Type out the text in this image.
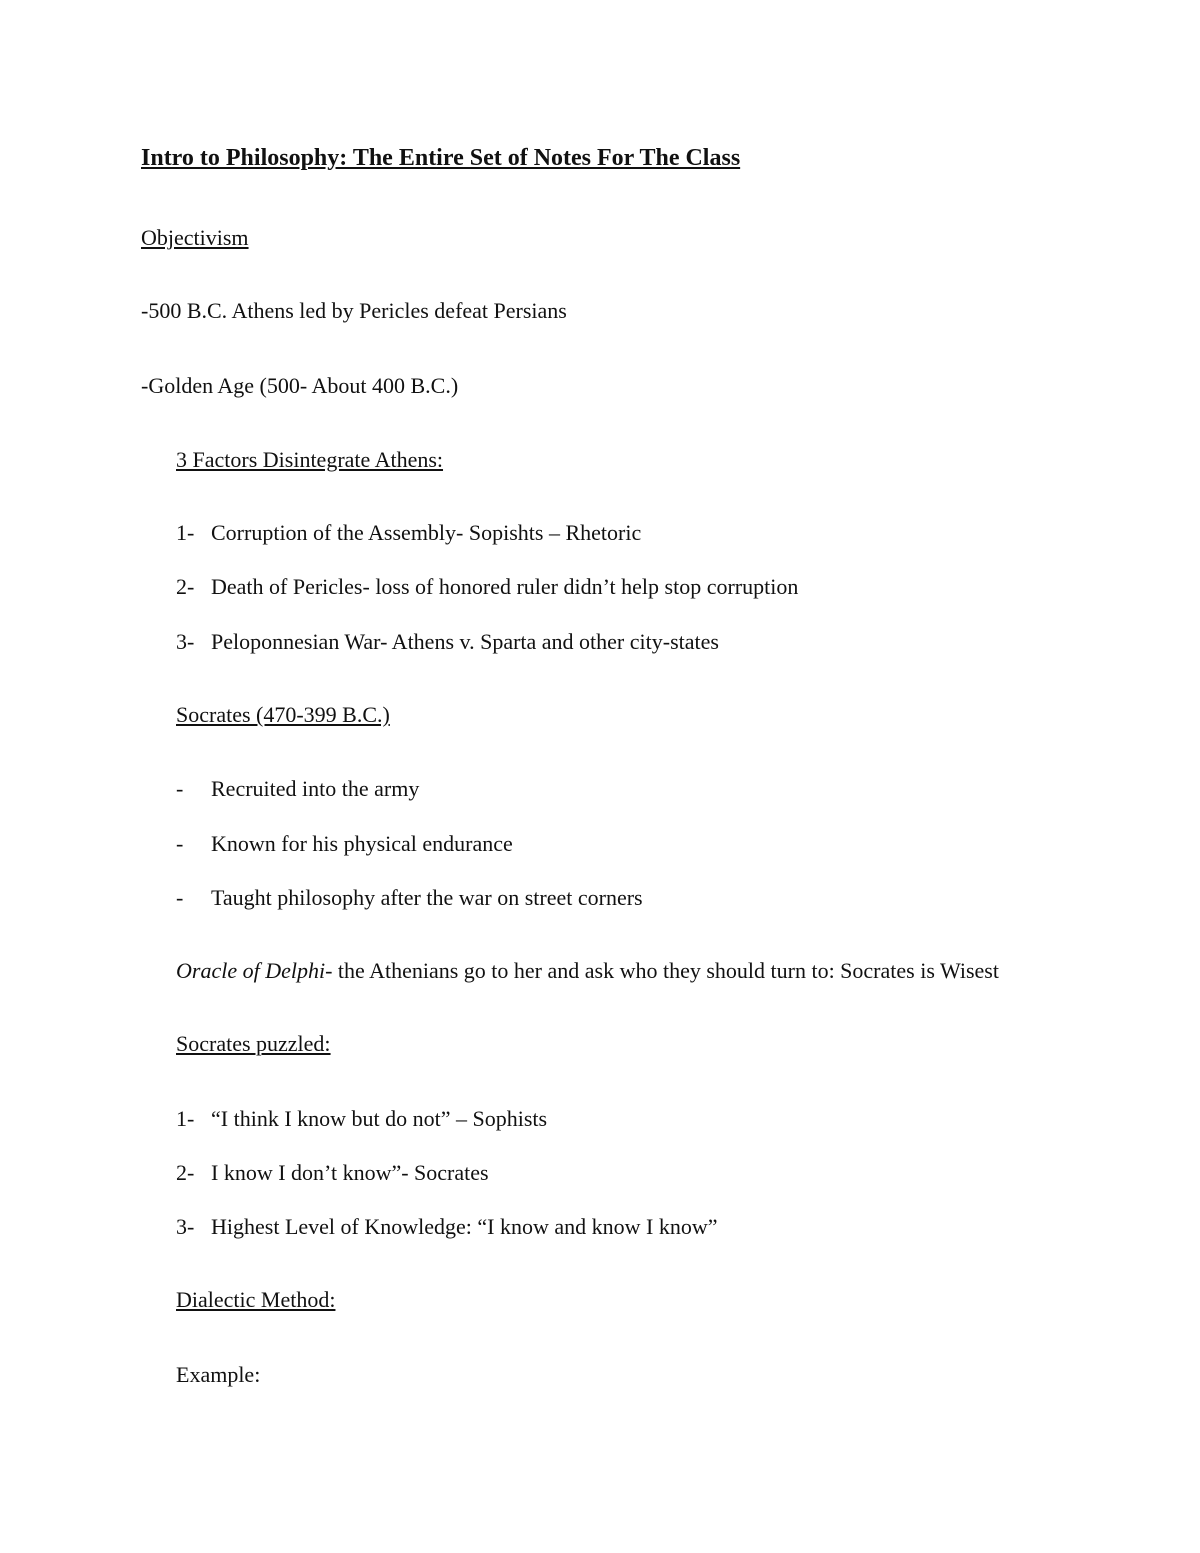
Intro to Philosophy: The Entire Set of Notes For The Class
Objectivism
-500 B.C. Athens led by Pericles defeat Persians
-Golden Age (500- About 400 B.C.)
3 Factors Disintegrate Athens:
1- Corruption of the Assembly- Sopishts – Rhetoric
2- Death of Pericles- loss of honored ruler didn’t help stop corruption
3- Peloponnesian War- Athens v. Sparta and other city-states
Socrates (470-399 B.C.)
- Recruited into the army
- Known for his physical endurance
- Taught philosophy after the war on street corners
Oracle of Delphi- the Athenians go to her and ask who they should turn to: Socrates is Wisest
Socrates puzzled:
1- “I think I know but do not” – Sophists
2- I know I don’t know”- Socrates
3- Highest Level of Knowledge: “I know and know I know”
Dialectic Method:
Example:
